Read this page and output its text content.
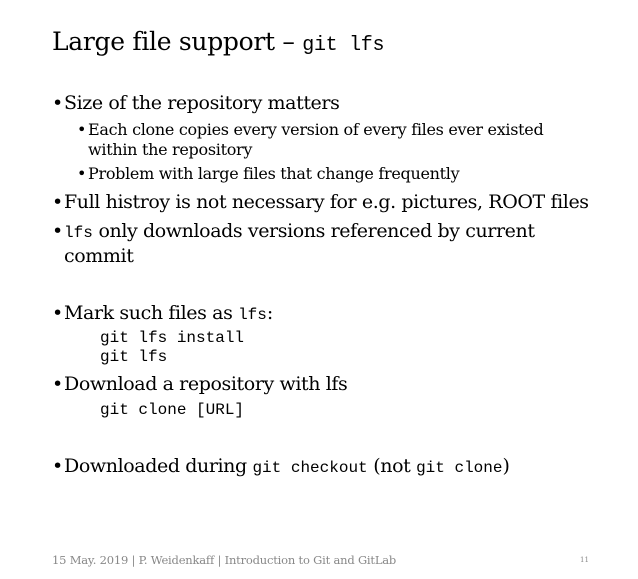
Large file support – git lfs
•Size of the repository matters
• Each clone copies every version of every files ever existed
within the repository
• Problem with large files that change frequently
•Full histroy is not necessary for e.g. pictures, ROOT files
•lfs only downloads versions referenced by current
commit
•Mark such files as lfs:
git lfs install
git lfs
•Download a repository with lfs
git clone [URL]
•Downloaded during git checkout (not git clone)
15 May. 2019 | P. Weidenkaff | Introduction to Git and GitLab	11
